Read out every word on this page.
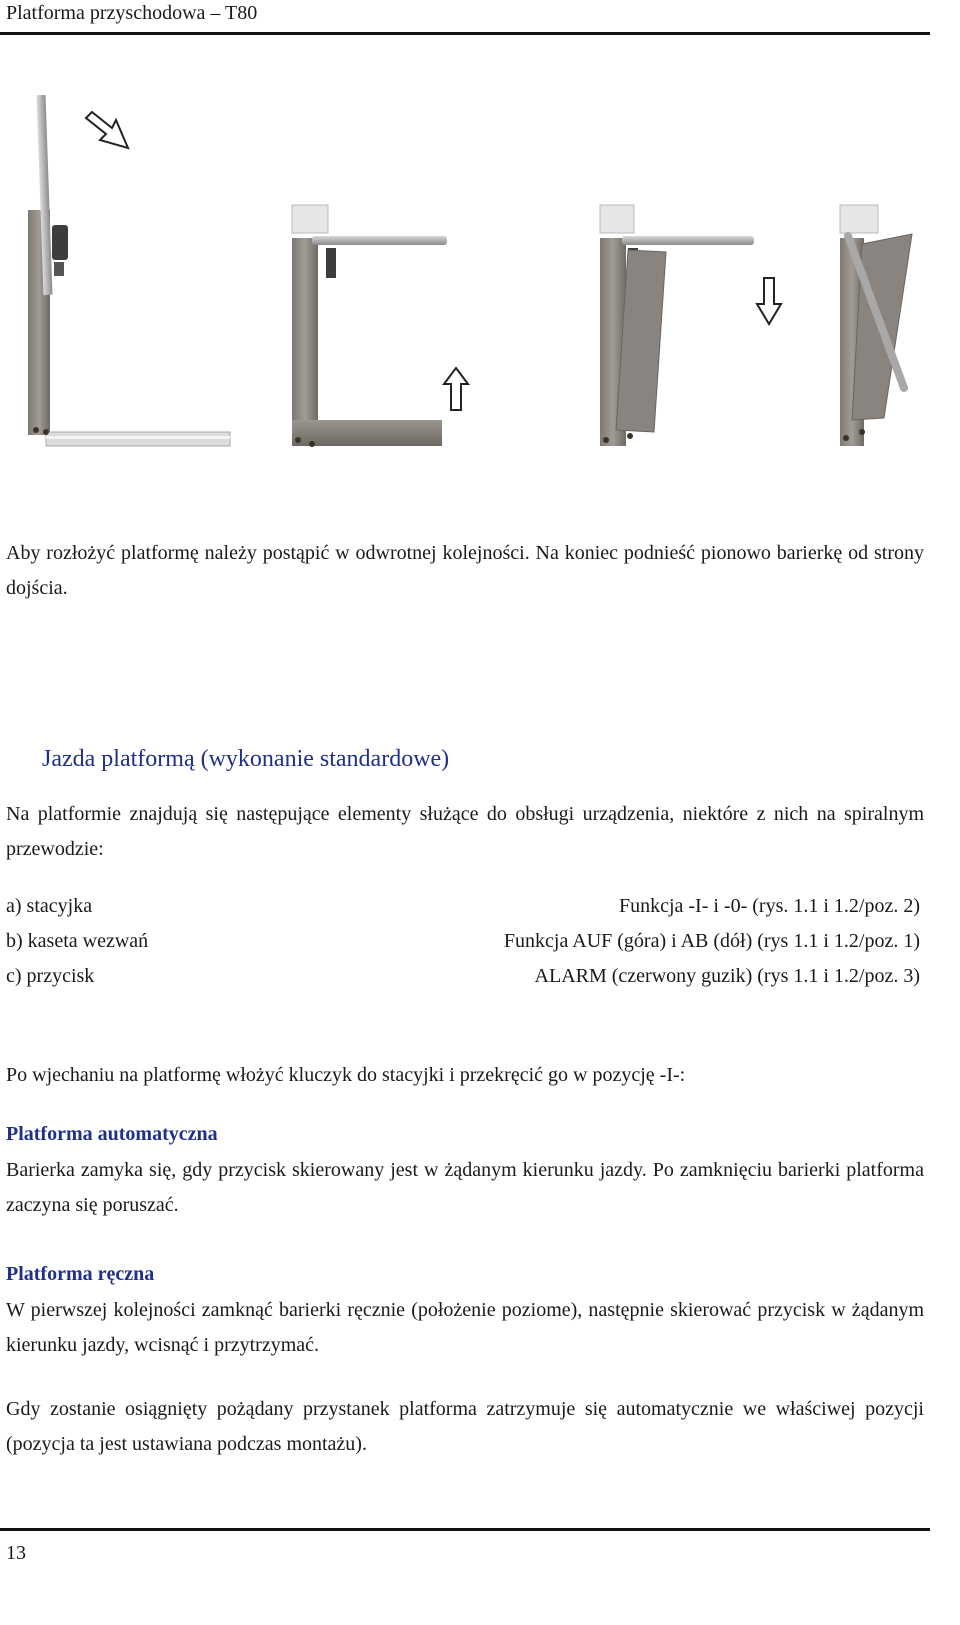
Platforma przyschodowa – T80
Aby rozłożyć platformę należy postąpić w odwrotnej kolejności. Na koniec podnieść pionowo barierkę od strony dojścia.
Jazda platformą (wykonanie standardowe)
Na platformie znajdują się następujące elementy służące do obsługi urządzenia, niektóre z nich na spiralnym przewodzie:
a) stacyjka	Funkcja -I- i -0- (rys. 1.1 i 1.2/poz. 2)
b) kaseta wezwań	Funkcja AUF (góra) i AB (dół) (rys 1.1 i 1.2/poz. 1)
c) przycisk	ALARM (czerwony guzik) (rys 1.1 i 1.2/poz. 3)
Po wjechaniu na platformę włożyć kluczyk do stacyjki i przekręcić go w pozycję -I-:
Platforma automatyczna
Barierka zamyka się, gdy przycisk skierowany jest w żądanym kierunku jazdy. Po zamknięciu barierki platforma zaczyna się poruszać.
Platforma ręczna
W pierwszej kolejności zamknąć barierki ręcznie (położenie poziome), następnie skierować przycisk w żądanym kierunku jazdy, wcisnąć i przytrzymać.
Gdy zostanie osiągnięty pożądany przystanek platforma zatrzymuje się automatycznie we właściwej pozycji (pozycja ta jest ustawiana podczas montażu).
13
